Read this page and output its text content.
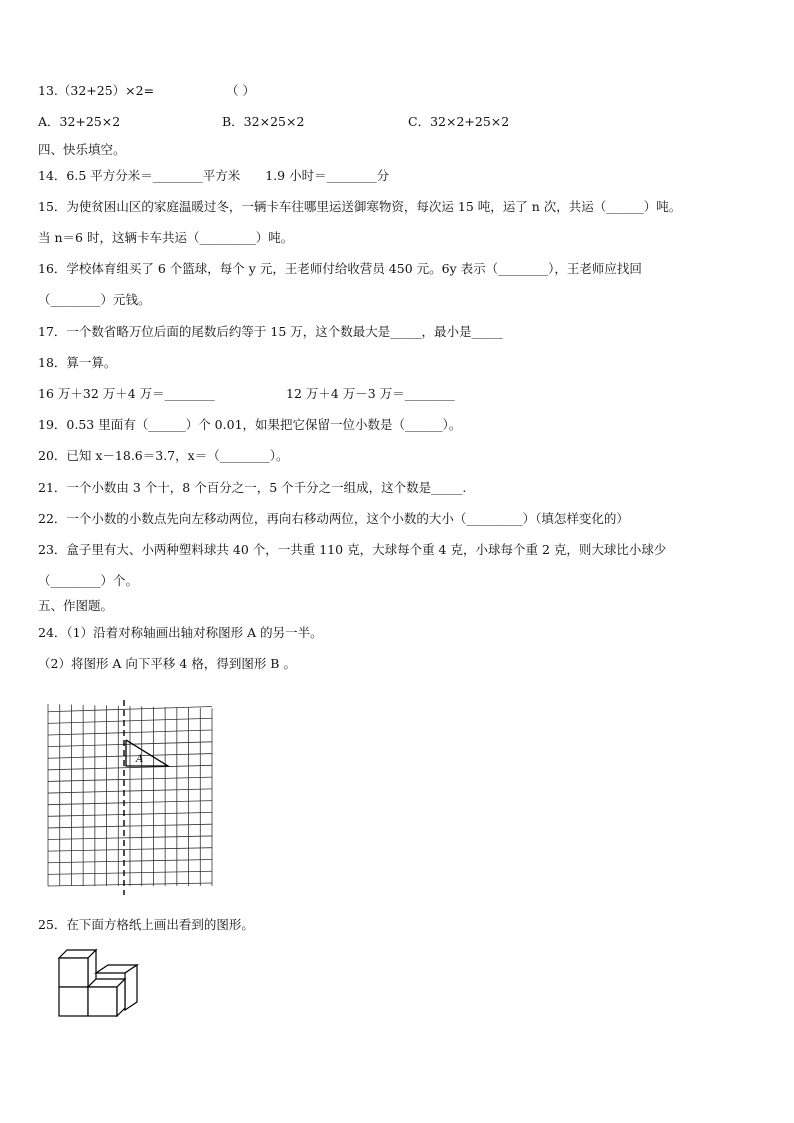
13.（32+25）×2=	（ ）
A．32+25×2	B．32×25×2	C．32×2+25×2
四、快乐填空。
14．6.5 平方分米＝________平方米　　1.9 小时＝________分
15．为使贫困山区的家庭温暖过冬，一辆卡车往哪里运送御寒物资，每次运 15 吨，运了 n 次，共运（______）吨。
当 n＝6 时，这辆卡车共运（_________）吨。
16．学校体育组买了 6 个篮球，每个 y 元，王老师付给收营员 450 元。6y 表示（________），王老师应找回
（________）元钱。
17．一个数省略万位后面的尾数后约等于 15 万，这个数最大是_____，最小是_____
18．算一算。
16 万＋32 万＋4 万＝________	12 万＋4 万－3 万＝________
19．0.53 里面有（______）个 0.01，如果把它保留一位小数是（______）。
20．已知 x－18.6＝3.7，x＝（________）。
21．一个小数由 3 个十，8 个百分之一，5 个千分之一组成，这个数是_____.
22．一个小数的小数点先向左移动两位，再向右移动两位，这个小数的大小（_________）（填怎样变化的）
23．盒子里有大、小两种塑料球共 40 个，一共重 110 克，大球每个重 4 克，小球每个重 2 克，则大球比小球少
（________）个。
五、作图题。
24．（1）沿着对称轴画出轴对称图形 A 的另一半。
（2）将图形 A 向下平移 4 格，得到图形 B 。
A
25．在下面方格纸上画出看到的图形。
